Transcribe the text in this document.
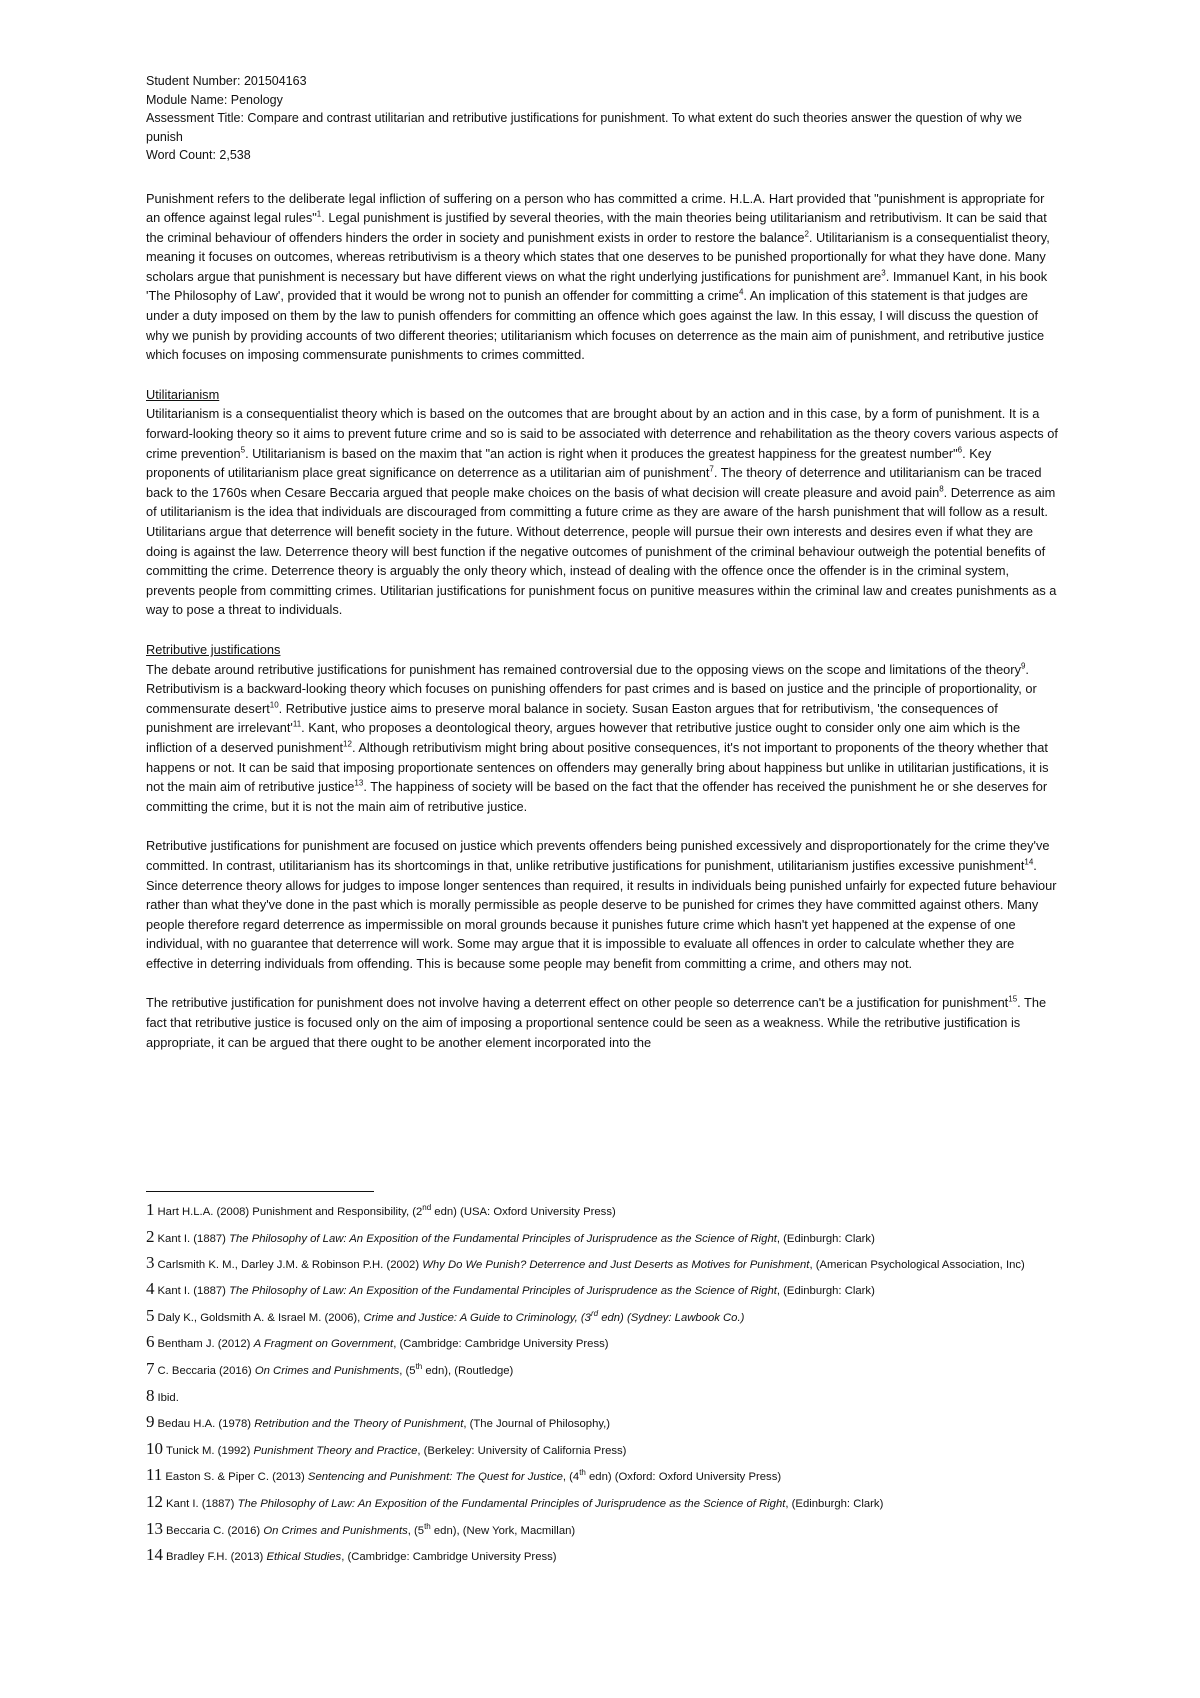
Student Number: 201504163

Module Name: Penology

Assessment Title: Compare and contrast utilitarian and retributive justifications for punishment. To what extent do such theories answer the question of why we punish

Word Count: 2,538

Punishment refers to the deliberate legal infliction of suffering on a person who has committed a crime. H.L.A. Hart provided that "punishment is appropriate for an offence against legal rules"$^1$. Legal punishment is justified by several theories, with the main theories being utilitarianism and retributivism. It can be said that the criminal behaviour of offenders hinders the order in society and punishment exists in order to restore the balance$^2$. Utilitarianism is a consequentialist theory, meaning it focuses on outcomes, whereas retributivism is a theory which states that one deserves to be punished proportionally for what they have done. Many scholars argue that punishment is necessary but have different views on what the right underlying justifications for punishment are$^3$. Immanuel Kant, in his book 'The Philosophy of Law', provided that it would be wrong not to punish an offender for committing a crime$^4$. An implication of this statement is that judges are under a duty imposed on them by the law to punish offenders for committing an offence which goes against the law. In this essay, I will discuss the question of why we punish by providing accounts of two different theories; utilitarianism which focuses on deterrence as the main aim of punishment, and retributive justice which focuses on imposing commensurate punishments to crimes committed.

Utilitarianism

Utilitarianism is a consequentialist theory which is based on the outcomes that are brought about by an action and in this case, by a form of punishment. It is a forward-looking theory so it aims to prevent future crime and so is said to be associated with deterrence and rehabilitation as the theory covers various aspects of crime prevention$^5$. Utilitarianism is based on the maxim that "an action is right when it produces the greatest happiness for the greatest number"$^6$. Key proponents of utilitarianism place great significance on deterrence as a utilitarian aim of punishment$^7$. The theory of deterrence and utilitarianism can be traced back to the 1760s when Cesare Beccaria argued that people make choices on the basis of what decision will create pleasure and avoid pain$^8$. Deterrence as aim of utilitarianism is the idea that individuals are discouraged from committing a future crime as they are aware of the harsh punishment that will follow as a result. Utilitarians argue that deterrence will benefit society in the future. Without deterrence, people will pursue their own interests and desires even if what they are doing is against the law. Deterrence theory will best function if the negative outcomes of punishment of the criminal behaviour outweigh the potential benefits of committing the crime. Deterrence theory is arguably the only theory which, instead of dealing with the offence once the offender is in the criminal system, prevents people from committing crimes. Utilitarian justifications for punishment focus on punitive measures within the criminal law and creates punishments as a way to pose a threat to individuals.

Retributive justifications

The debate around retributive justifications for punishment has remained controversial due to the opposing views on the scope and limitations of the theory$^9$. Retributivism is a backward-looking theory which focuses on punishing offenders for past crimes and is based on justice and the principle of proportionality, or commensurate desert$^{10}$. Retributive justice aims to preserve moral balance in society. Susan Easton argues that for retributivism, 'the consequences of punishment are $irrelevant'^{11}$. Kant, who proposes a deontological theory, argues however that retributive justice ought to consider only one aim which is the infliction of a deserved punishment$^{12}$. Although retributivism might bring about positive consequences, it's not important to proponents of the theory whether that happens or not. It can be said that imposing proportionate sentences on offenders may generally bring about happiness but unlike in utilitarian justifications, it is not the main aim of retributive justice$^{13}$. The happiness of society will be based on the fact that the offender has received the punishment he or she deserves for committing the crime, but it is not the main aim of retributive justice.

Retributive justifications for punishment are focused on justice which prevents offenders being punished excessively and disproportionately for the crime they've committed. In contrast, utilitarianism has its shortcomings in that, unlike retributive justifications for punishment, utilitarianism justifies excessive punishment$^{14}$. Since deterrence theory allows for judges to impose longer sentences than required, it results in individuals being punished unfairly for expected future behaviour rather than what they've done in the past which is morally permissible as people deserve to be punished for crimes they have committed against others. Many people therefore regard deterrence as impermissible on moral grounds because it punishes future crime which hasn't yet happened at the expense of one individual, with no guarantee that deterrence will work. Some may argue that it is impossible to evaluate all offences in order to calculate whether they are effective in deterring individuals from offending. This is because some people may benefit from committing a crime, and others may not.

The retributive justification for punishment does not involve having a deterrent effect on other people so deterrence can't be a justification for punishment$^{15}$. The fact that retributive justice is focused only on the aim of imposing a proportional sentence could be seen as a weakness. While the retributive justification is appropriate, it can be argued that there ought to be another element incorporated into the

1 Hart H.L.A. (2008) Punishment and Responsibility, (2nd edn) (USA: Oxford University Press)

2 Kant I. (1887) The Philosophy of Law: An Exposition of the Fundamental Principles of Jurisprudence as the Science of Right, (Edinburgh: Clark)

3 Carlsmith K. M., Darley J.M. & Robinson P.H. (2002) Why Do We Punish? Deterrence and Just Deserts as Motives for Punishment, (American Psychological Association, Inc)

4 Kant I. (1887) The Philosophy of Law: An Exposition of the Fundamental Principles of Jurisprudence as the Science of Right, (Edinburgh: Clark)

5 Daly K., Goldsmith A. & Israel M. (2006), Crime and Justice: A Guide to Criminology, (3rd edn) (Sydney: Lawbook Co.)

6 Bentham J. (2012) A Fragment on Government, (Cambridge: Cambridge University Press)

7 C. Beccaria (2016) On Crimes and Punishments, (5th edn), (Routledge)

8 Ibid.

9 Bedau H.A. (1978) Retribution and the Theory of Punishment, (The Journal of Philosophy,)

10 Tunick M. (1992) Punishment Theory and Practice, (Berkeley: University of California Press)

11 Easton S. & Piper C. (2013) Sentencing and Punishment: The Quest for Justice, (4th edn) (Oxford: Oxford University Press)

12 Kant I. (1887) The Philosophy of Law: An Exposition of the Fundamental Principles of Jurisprudence as the Science of Right, (Edinburgh: Clark)

13 Beccaria C. (2016) On Crimes and Punishments, (5th edn), (New York, Macmillan)

14 Bradley F.H. (2013) Ethical Studies, (Cambridge: Cambridge University Press)
